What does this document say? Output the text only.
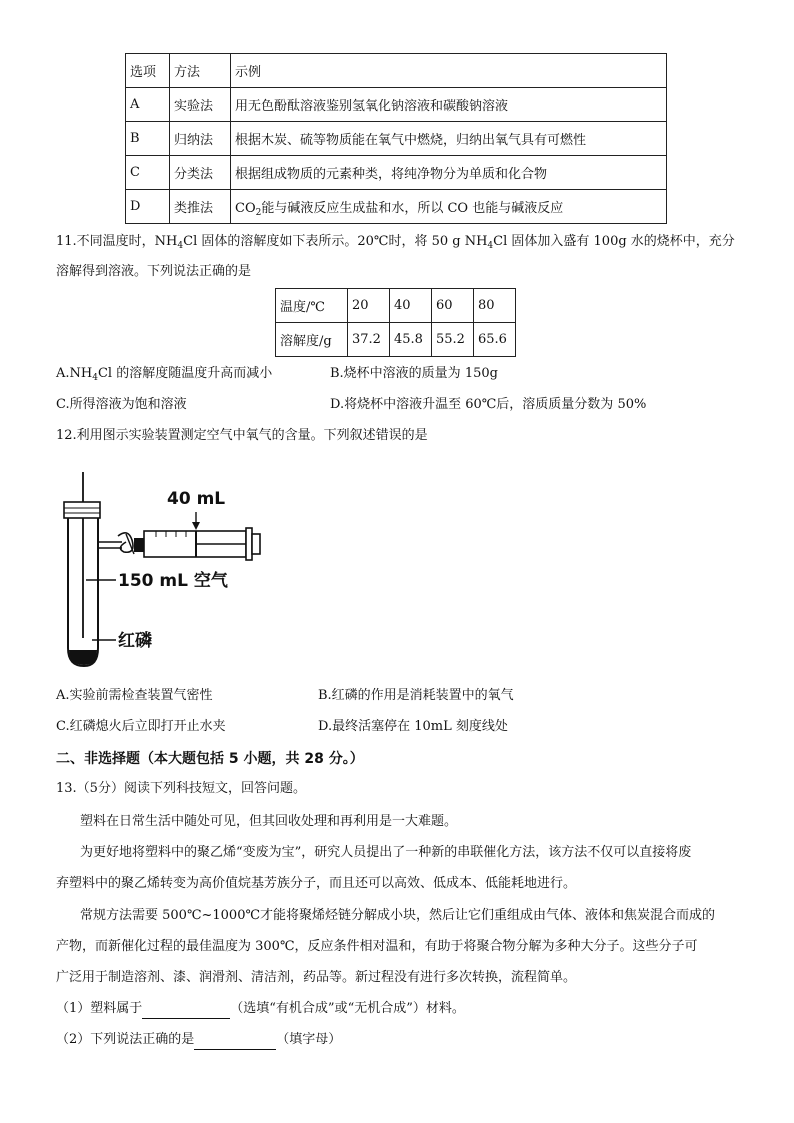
选项	方法	示例
A	实验法	用无色酚酞溶液鉴别氢氧化钠溶液和碳酸钠溶液
B	归纳法	根据木炭、硫等物质能在氧气中燃烧，归纳出氧气具有可燃性
C	分类法	根据组成物质的元素种类，将纯净物分为单质和化合物
D	类推法	$CO_2$能与碱液反应生成盐和水，所以 CO 也能与碱液反应
11.不同温度时，$NH_4Cl$ 固体的溶解度如下表所示。20℃时，将 50 g $NH_4Cl$ 固体加入盛有 100g 水的烧杯中，充分
溶解得到溶液。下列说法正确的是
温度/℃	20	40	60	80
溶解度/g	37.2	45.8	55.2	65.6
$A.NH_4Cl$ 的溶解度随温度升高而减小	B.烧杯中溶液的质量为 150g
C.所得溶液为饱和溶液	D.将烧杯中溶液升温至 60℃后，溶质质量分数为 50%
12.利用图示实验装置测定空气中氧气的含量。下列叙述错误的是
40 mL
150 mL 空气
红磷
A.实验前需检查装置气密性	B.红磷的作用是消耗装置中的氧气
C.红磷熄火后立即打开止水夹	D.最终活塞停在 10mL 刻度线处
二、非选择题（本大题包括 5 小题，共 28 分。）
13.（5分）阅读下列科技短文，回答问题。
塑料在日常生活中随处可见，但其回收处理和再利用是一大难题。
为更好地将塑料中的聚乙烯“变废为宝”，研究人员提出了一种新的串联催化方法，该方法不仅可以直接将废
弃塑料中的聚乙烯转变为高价值烷基芳族分子，而且还可以高效、低成本、低能耗地进行。
常规方法需要 500℃~1000℃才能将聚烯烃链分解成小块，然后让它们重组成由气体、液体和焦炭混合而成的
产物，而新催化过程的最佳温度为 300℃，反应条件相对温和，有助于将聚合物分解为多种大分子。这些分子可
广泛用于制造溶剂、漆、润滑剂、清洁剂，药品等。新过程没有进行多次转换，流程简单。
（1）塑料属于	（选填“有机合成”或“无机合成”）材料。
（2）下列说法正确的是	（填字母）
